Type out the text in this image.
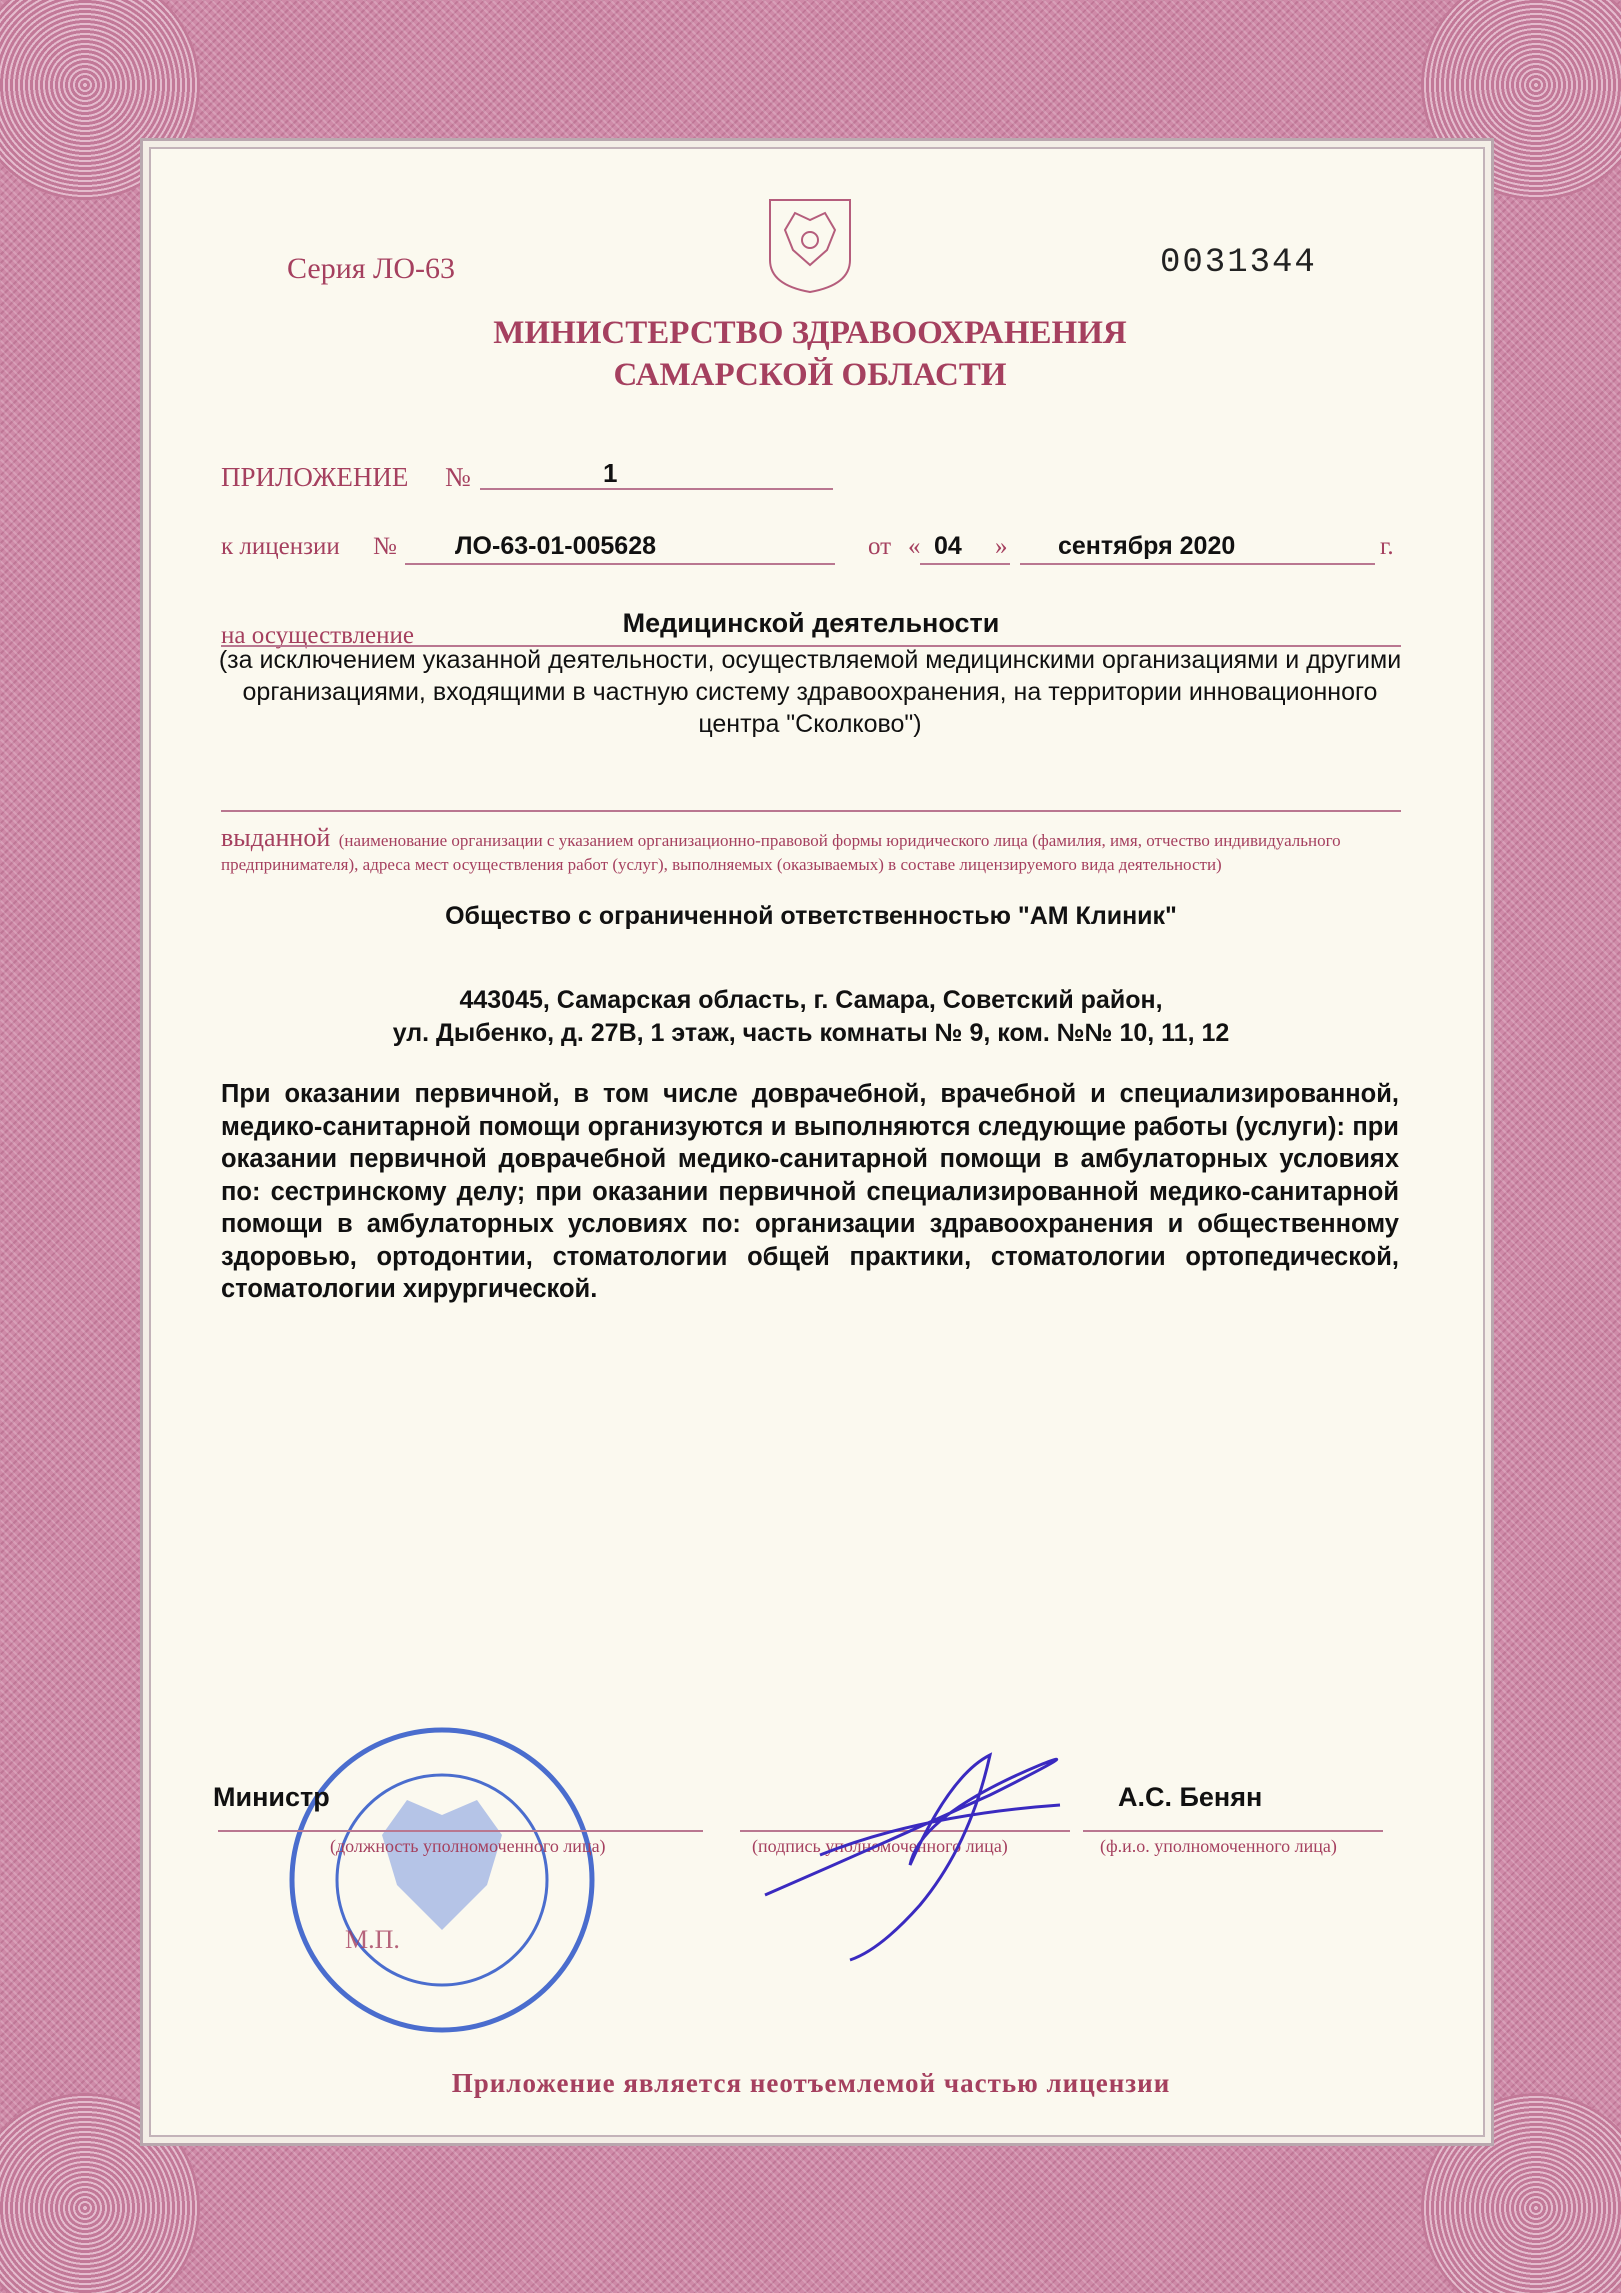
Серия ЛО-63	0031344
МИНИСТЕРСТВО ЗДРАВООХРАНЕНИЯ
САМАРСКОЙ ОБЛАСТИ
ПРИЛОЖЕНИЕ №	1
к лицензии № ЛО-63-01-005628	от « 04 » сентября 2020	г.
на осуществление	Медицинской деятельности
(за исключением указанной деятельности, осуществляемой медицинскими организациями и другими организациями, входящими в частную систему здравоохранения, на территории инновационного центра "Сколково")
выданной (наименование организации с указанием организационно-правовой формы юридического лица (фамилия, имя, отчество индивидуального предпринимателя), адреса мест осуществления работ (услуг), выполняемых (оказываемых) в составе лицензируемого вида деятельности)
Общество с ограниченной ответственностью "АМ Клиник"
443045, Самарская область, г. Самара, Советский район,
ул. Дыбенко, д. 27В, 1 этаж, часть комнаты № 9, ком. №№ 10, 11, 12
При оказании первичной, в том числе доврачебной, врачебной и специализированной, медико-санитарной помощи организуются и выполняются следующие работы (услуги): при оказании первичной доврачебной медико-санитарной помощи в амбулаторных условиях по: сестринскому делу; при оказании первичной специализированной медико-санитарной помощи в амбулаторных условиях по: организации здравоохранения и общественному здоровью, ортодонтии, стоматологии общей практики, стоматологии ортопедической, стоматологии хирургической.
М.П.
Министр
(должность уполномоченного лица)	(подпись уполномоченного лица)
А.С. Бенян
(ф.и.о. уполномоченного лица)
Приложение является неотъемлемой частью лицензии
